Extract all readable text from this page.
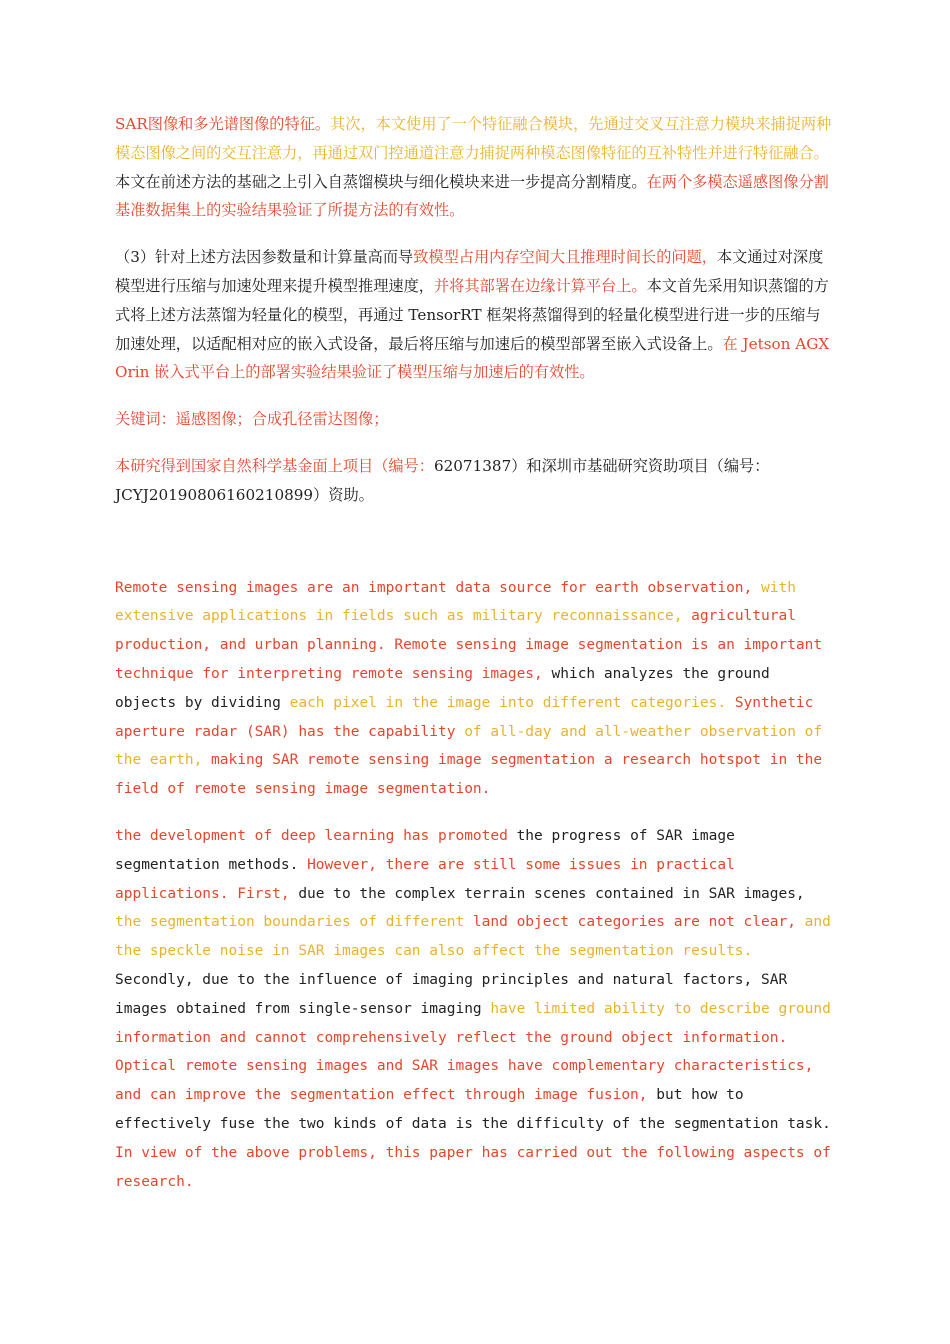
SAR图像和多光谱图像的特征。其次，本文使用了一个特征融合模块，先通过交叉互注意力模块来捕捉两种模态图像之间的交互注意力，再通过双门控通道注意力捕捉两种模态图像特征的互补特性并进行特征融合。本文在前述方法的基础之上引入自蒸馏模块与细化模块来进一步提高分割精度。在两个多模态遥感图像分割基准数据集上的实验结果验证了所提方法的有效性。

（3）针对上述方法因参数量和计算量高而导致模型占用内存空间大且推理时间长的问题，本文通过对深度模型进行压缩与加速处理来提升模型推理速度，并将其部署在边缘计算平台上。本文首先采用知识蒸馏的方式将上述方法蒸馏为轻量化的模型，再通过 TensorRT 框架将蒸馏得到的轻量化模型进行进一步的压缩与加速处理，以适配相对应的嵌入式设备，最后将压缩与加速后的模型部署至嵌入式设备上。在 Jetson AGX Orin 嵌入式平台上的部署实验结果验证了模型压缩与加速后的有效性。

关键词：遥感图像；合成孔径雷达图像；

本研究得到国家自然科学基金面上项目（编号：62071387）和深圳市基础研究资助项目（编号：JCYJ20190806160210899）资助。

Remote sensing images are an important data source for earth observation, with extensive applications in fields such as military reconnaissance, agricultural production, and urban planning. Remote sensing image segmentation is an important technique for interpreting remote sensing images, which analyzes the ground objects by dividing each pixel in the image into different categories. Synthetic aperture radar (SAR) has the capability of all-day and all-weather observation of the earth, making SAR remote sensing image segmentation a research hotspot in the field of remote sensing image segmentation.

the development of deep learning has promoted the progress of SAR image segmentation methods. However, there are still some issues in practical applications. First, due to the complex terrain scenes contained in SAR images, the segmentation boundaries of different land object categories are not clear, and the speckle noise in SAR images can also affect the segmentation results. Secondly, due to the influence of imaging principles and natural factors, SAR images obtained from single-sensor imaging have limited ability to describe ground information and cannot comprehensively reflect the ground object information. Optical remote sensing images and SAR images have complementary characteristics, and can improve the segmentation effect through image fusion, but how to effectively fuse the two kinds of data is the difficulty of the segmentation task. In view of the above problems, this paper has carried out the following aspects of research.
